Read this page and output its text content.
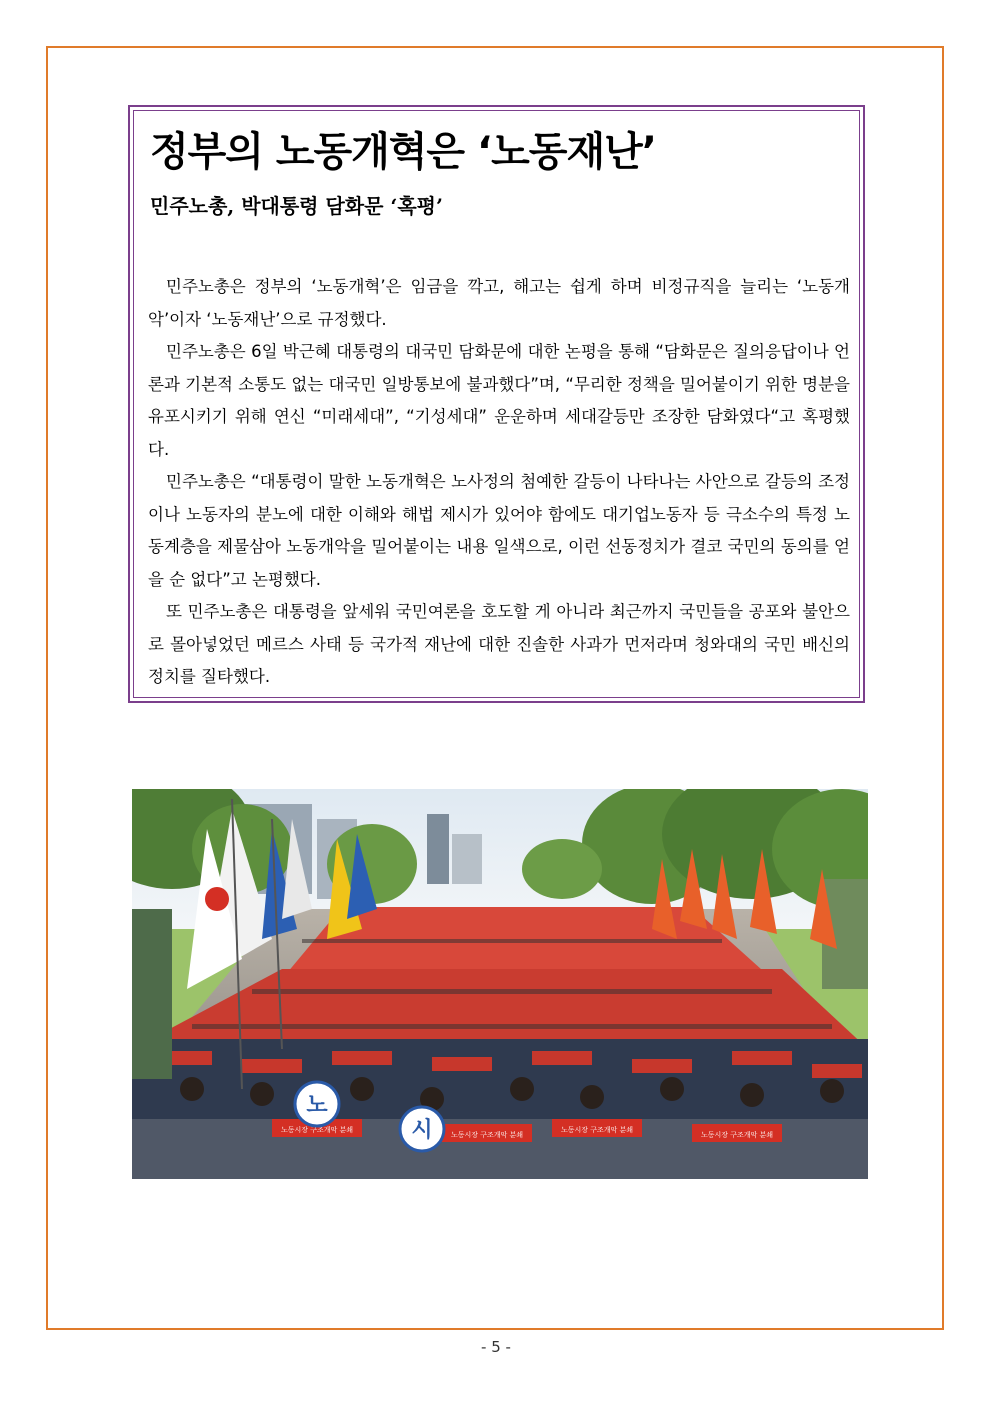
정부의 노동개혁은 ‘노동재난’
민주노총, 박대통령 담화문 ‘혹평’

민주노총은 정부의 ‘노동개혁’은 임금을 깍고, 해고는 쉽게 하며 비정규직을 늘리는 ‘노동개악’이자 ‘노동재난’으로 규정했다.

민주노총은 6일 박근혜 대통령의 대국민 담화문에 대한 논평을 통해 “담화문은 질의응답이나 언론과 기본적 소통도 없는 대국민 일방통보에 불과했다”며, “무리한 정책을 밀어붙이기 위한 명분을 유포시키기 위해 연신 “미래세대”, “기성세대” 운운하며 세대갈등만 조장한 담화였다“고 혹평했다.

민주노총은 “대통령이 말한 노동개혁은 노사정의 첨예한 갈등이 나타나는 사안으로 갈등의 조정이나 노동자의 분노에 대한 이해와 해법 제시가 있어야 함에도 대기업노동자 등 극소수의 특정 노동계층을 제물삼아 노동개악을 밀어붙이는 내용 일색으로, 이런 선동정치가 결코 국민의 동의를 얻을 순 없다”고 논평했다.

또 민주노총은 대통령을 앞세워 국민여론을 호도할 게 아니라 최근까지 국민들을 공포와 불안으로 몰아넣었던 메르스 사태 등 국가적 재난에 대한 진솔한 사과가 먼저라며 청와대의 국민 배신의 정치를 질타했다.

노동시장 구조개악 분쇄
노동시장 구조개악 분쇄
노동시장 구조개악 분쇄
노동시장 구조개악 분쇄
노
시
- 5 -
